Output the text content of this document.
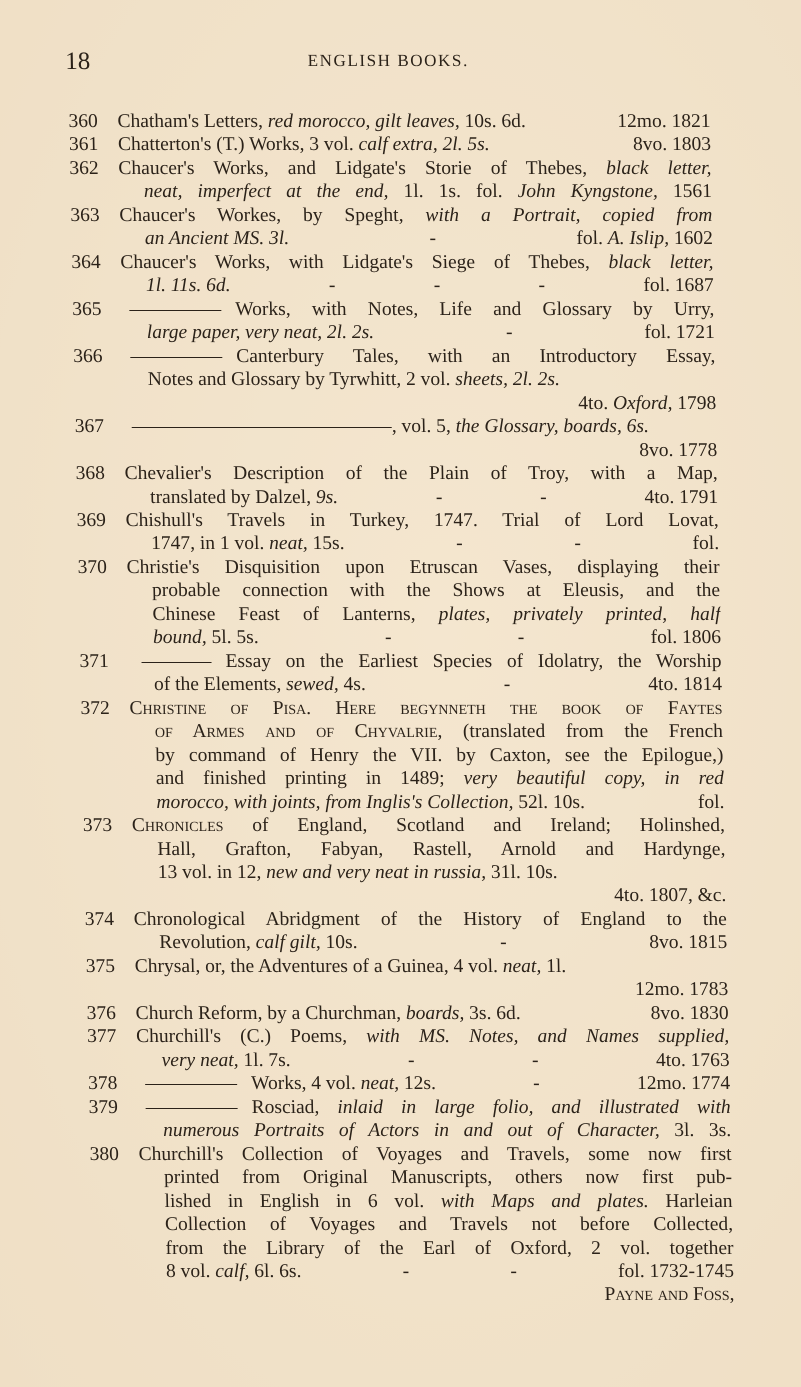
18	ENGLISH BOOKS.
360 Chatham's Letters, red morocco, gilt leaves, 10s. 6d.	12mo. 1821
361 Chatterton's (T.) Works, 3 vol. calf extra, 2l. 5s.	8vo. 1803
362 Chaucer's Works, and Lidgate's Storie of Thebes, black letter,
neat, imperfect at the end, 1l. 1s. fol. John Kyngstone, 1561
363 Chaucer's Workes, by Speght, with a Portrait, copied from
an Ancient MS. 3l.	-	fol. A. Islip, 1602
364 Chaucer's Works, with Lidgate's Siege of Thebes, black letter,
1l. 11s. 6d.	-	-	-	fol. 1687
365	Works, with Notes, Life and Glossary by Urry,
large paper, very neat, 2l. 2s.	-	fol. 1721
366	Canterbury Tales, with an Introductory Essay,
Notes and Glossary by Tyrwhitt, 2 vol. sheets, 2l. 2s.
4to. Oxford, 1798
367	, vol. 5, the Glossary, boards, 6s.
8vo. 1778
368 Chevalier's Description of the Plain of Troy, with a Map,
translated by Dalzel, 9s.	-	-	4to. 1791
369 Chishull's Travels in Turkey, 1747. Trial of Lord Lovat,
1747, in 1 vol. neat, 15s.	-	-	fol.
370 Christie's Disquisition upon Etruscan Vases, displaying their
probable connection with the Shows at Eleusis, and the
Chinese Feast of Lanterns, plates, privately printed, half
bound, 5l. 5s.	-	-	fol. 1806
371	Essay on the Earliest Species of Idolatry, the Worship
of the Elements, sewed, 4s.	-	4to. 1814
372 Christine of Pisa. Here begynneth the book of Faytes
of Armes and of Chyvalrie, (translated from the French
by command of Henry the VII. by Caxton, see the Epilogue,)
and finished printing in 1489; very beautiful copy, in red
morocco, with joints, from Inglis's Collection, 52l. 10s.	fol.
373 Chronicles of England, Scotland and Ireland; Holinshed,
Hall, Grafton, Fabyan, Rastell, Arnold and Hardynge,
13 vol. in 12, new and very neat in russia, 31l. 10s.
4to. 1807, &c.
374 Chronological Abridgment of the History of England to the
Revolution, calf gilt, 10s.	-	8vo. 1815
375 Chrysal, or, the Adventures of a Guinea, 4 vol. neat, 1l.
12mo. 1783
376 Church Reform, by a Churchman, boards, 3s. 6d.	8vo. 1830
377 Churchill's (C.) Poems, with MS. Notes, and Names supplied,
very neat, 1l. 7s.	-	-	4to. 1763
378	Works, 4 vol. neat, 12s.	-	12mo. 1774
379	Rosciad, inlaid in large folio, and illustrated with
numerous Portraits of Actors in and out of Character, 3l. 3s.
380 Churchill's Collection of Voyages and Travels, some now first
printed from Original Manuscripts, others now first pub-
lished in English in 6 vol. with Maps and plates. Harleian
Collection of Voyages and Travels not before Collected,
from the Library of the Earl of Oxford, 2 vol. together
8 vol. calf, 6l. 6s.	-	-	fol. 1732-1745
Payne and Foss,
